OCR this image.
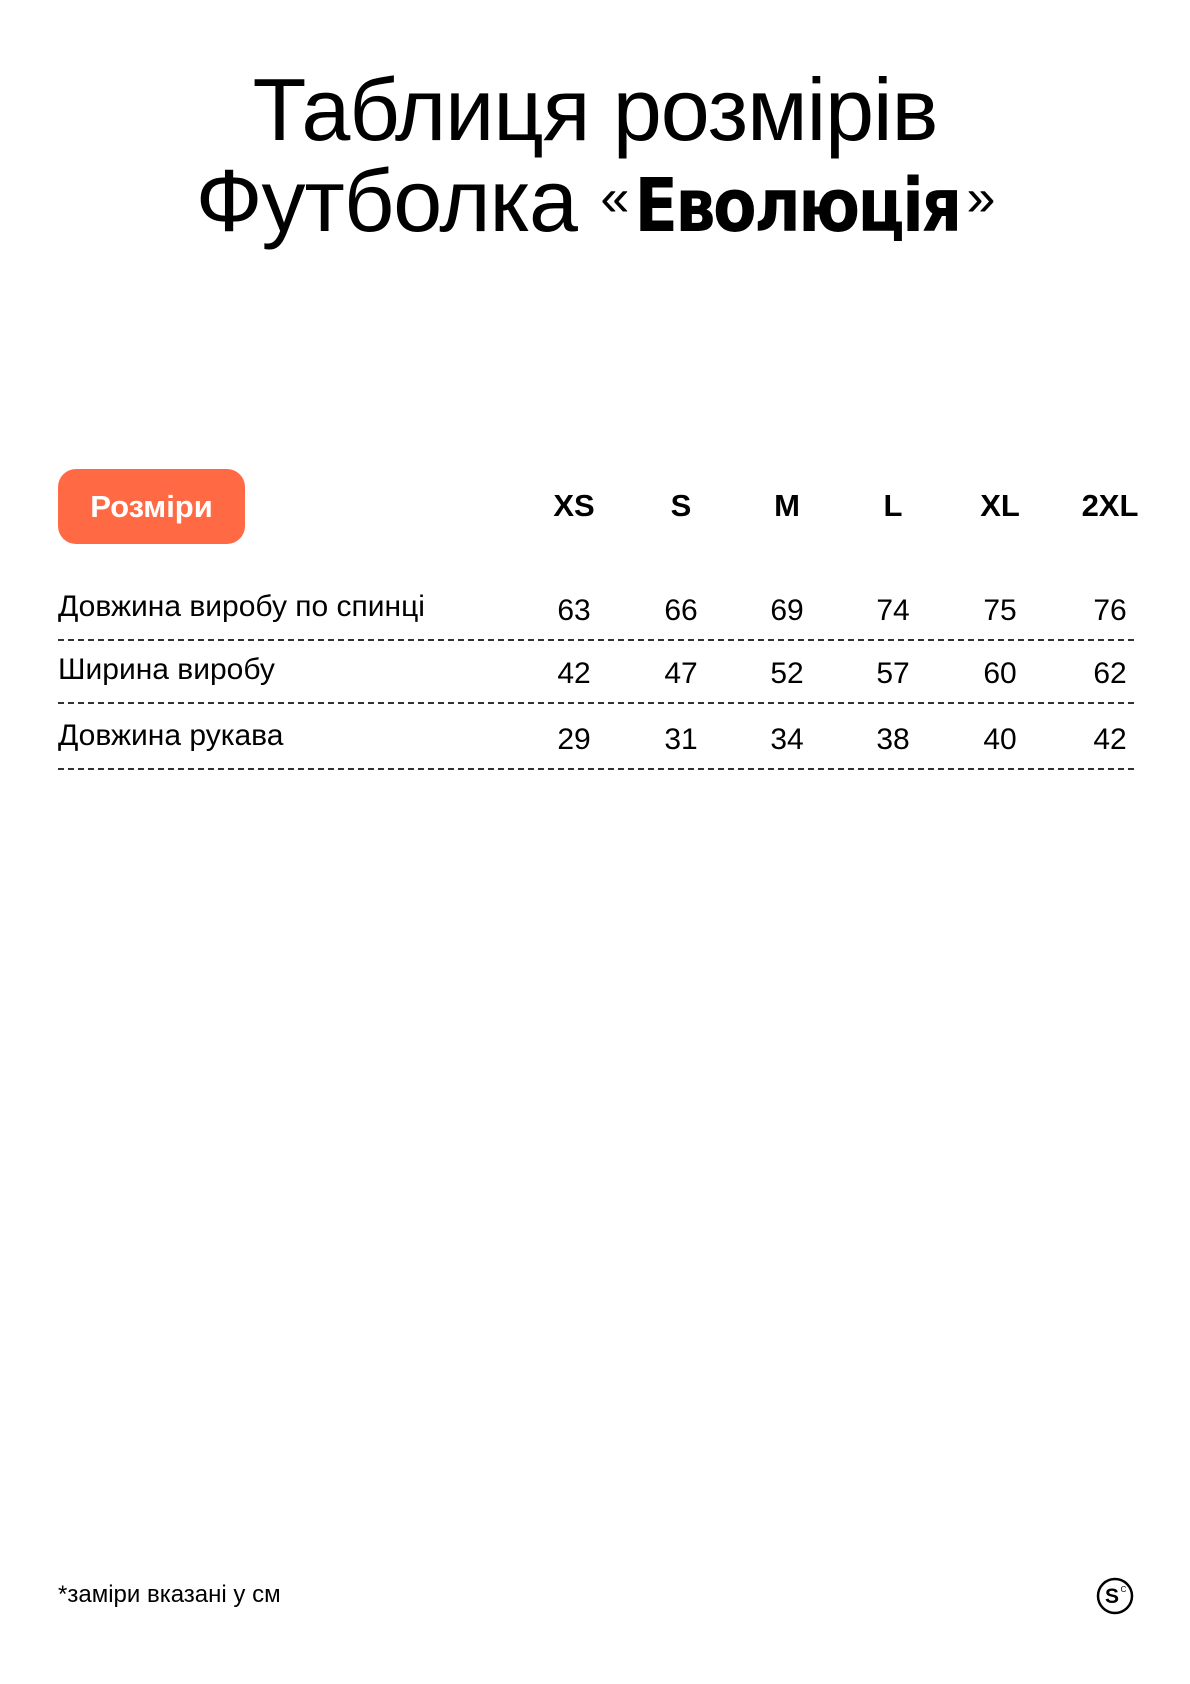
Таблиця розмірів
Футболка «Еволюція »
Розміри	XS	S	M	L	XL	2XL
Довжина виробу по спинці	63	66	69	74	75	76
Ширина виробу	42	47	52	57	60	62
Довжина рукава	29	31	34	38	40	42
*заміри вказані у см	S C
